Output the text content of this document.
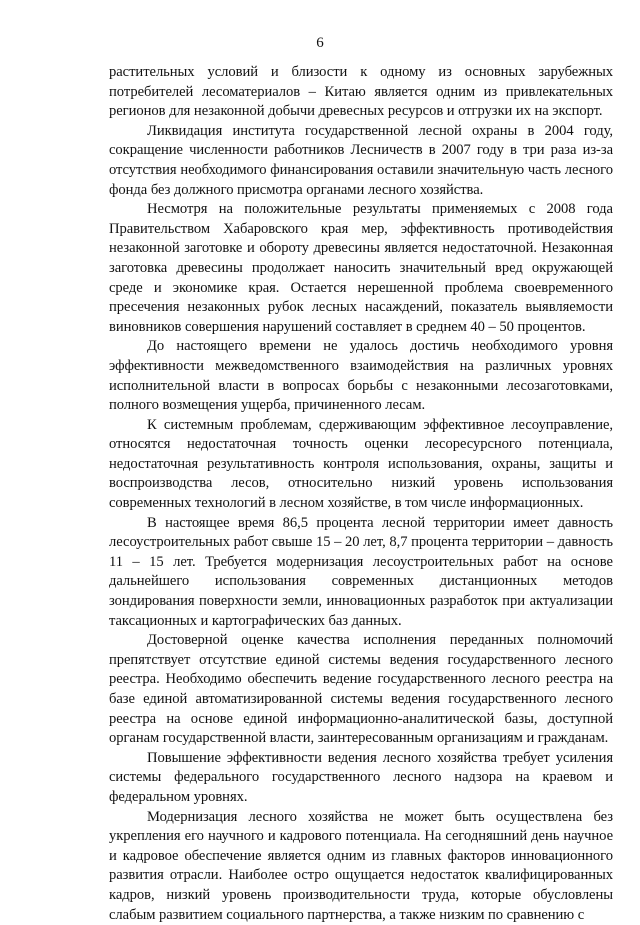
6

растительных условий и близости к одному из основных зарубежных потребителей лесоматериалов – Китаю является одним из привлекательных регионов для незаконной добычи древесных ресурсов и отгрузки их на экспорт.

Ликвидация института государственной лесной охраны в 2004 году, сокращение численности работников Лесничеств в 2007 году в три раза из-за отсутствия необходимого финансирования оставили значительную часть лесного фонда без должного присмотра органами лесного хозяйства.

Несмотря на положительные результаты применяемых с 2008 года Правительством Хабаровского края мер, эффективность противодействия незаконной заготовке и обороту древесины является недостаточной. Незаконная заготовка древесины продолжает наносить значительный вред окружающей среде и экономике края. Остается нерешенной проблема своевременного пресечения незаконных рубок лесных насаждений, показатель выявляемости виновников совершения нарушений составляет в среднем 40 – 50 процентов.

До настоящего времени не удалось достичь необходимого уровня эффективности межведомственного взаимодействия на различных уровнях исполнительной власти в вопросах борьбы с незаконными лесозаготовками, полного возмещения ущерба, причиненного лесам.

К системным проблемам, сдерживающим эффективное лесоуправление, относятся недостаточная точность оценки лесоресурсного потенциала, недостаточная результативность контроля использования, охраны, защиты и воспроизводства лесов, относительно низкий уровень использования современных технологий в лесном хозяйстве, в том числе информационных.

В настоящее время 86,5 процента лесной территории имеет давность лесоустроительных работ свыше 15 – 20 лет, 8,7 процента территории – давность 11 – 15 лет. Требуется модернизация лесоустроительных работ на основе дальнейшего использования современных дистанционных методов зондирования поверхности земли, инновационных разработок при актуализации таксационных и картографических баз данных.

Достоверной оценке качества исполнения переданных полномочий препятствует отсутствие единой системы ведения государственного лесного реестра. Необходимо обеспечить ведение государственного лесного реестра на базе единой автоматизированной системы ведения государственного лесного реестра на основе единой информационно-аналитической базы, доступной органам государственной власти, заинтересованным организациям и гражданам.

Повышение эффективности ведения лесного хозяйства требует усиления системы федерального государственного лесного надзора на краевом и федеральном уровнях.

Модернизация лесного хозяйства не может быть осуществлена без укрепления его научного и кадрового потенциала. На сегодняшний день научное и кадровое обеспечение является одним из главных факторов инновационного развития отрасли. Наиболее остро ощущается недостаток квалифицированных кадров, низкий уровень производительности труда, которые обусловлены слабым развитием социального партнерства, а также низким по сравнению с
